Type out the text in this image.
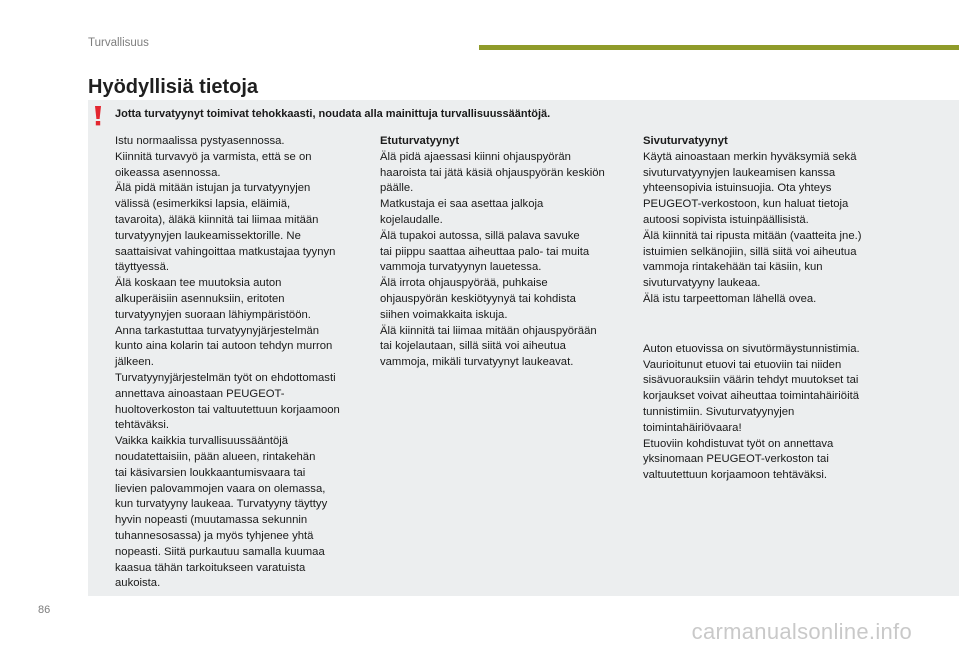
Turvallisuus
Hyödyllisiä tietoja
Jotta turvatyynyt toimivat tehokkaasti, noudata alla mainittuja turvallisuussääntöjä.

Istu normaalissa pystyasennossa.

Kiinnitä turvavyö ja varmista, että se on

oikeassa asennossa.

Älä pidä mitään istujan ja turvatyynyjen

välissä (esimerkiksi lapsia, eläimiä,

tavaroita), äläkä kiinnitä tai liimaa mitään

turvatyynyjen laukeamissektorille. Ne

saattaisivat vahingoittaa matkustajaa tyynyn

täyttyessä.

Älä koskaan tee muutoksia auton

alkuperäisiin asennuksiin, eritoten

turvatyynyjen suoraan lähiympäristöön.

Anna tarkastuttaa turvatyynyjärjestelmän

kunto aina kolarin tai autoon tehdyn murron

jälkeen.

Turvatyynyjärjestelmän työt on ehdottomasti

annettava ainoastaan PEUGEOT-

huoltoverkoston tai valtuutettuun korjaamoon

tehtäväksi.

Vaikka kaikkia turvallisuussääntöjä

noudatettaisiin, pään alueen, rintakehän

tai käsivarsien loukkaantumisvaara tai

lievien palovammojen vaara on olemassa,

kun turvatyyny laukeaa. Turvatyyny täyttyy

hyvin nopeasti (muutamassa sekunnin

tuhannesosassa) ja myös tyhjenee yhtä

nopeasti. Siitä purkautuu samalla kuumaa

kaasua tähän tarkoitukseen varatuista

aukoista.

Etuturvatyynyt

Älä pidä ajaessasi kiinni ohjauspyörän

haaroista tai jätä käsiä ohjauspyörän keskiön

päälle.

Matkustaja ei saa asettaa jalkoja

kojelaudalle.

Älä tupakoi autossa, sillä palava savuke

tai piippu saattaa aiheuttaa palo- tai muita

vammoja turvatyynyn lauetessa.

Älä irrota ohjauspyörää, puhkaise

ohjauspyörän keskiötyynyä tai kohdista

siihen voimakkaita iskuja.

Älä kiinnitä tai liimaa mitään ohjauspyörään

tai kojelautaan, sillä siitä voi aiheutua

vammoja, mikäli turvatyynyt laukeavat.

Sivuturvatyynyt

Käytä ainoastaan merkin hyväksymiä sekä

sivuturvatyynyjen laukeamisen kanssa

yhteensopivia istuinsuojia. Ota yhteys

PEUGEOT-verkostoon, kun haluat tietoja

autoosi sopivista istuinpäällisistä.

Älä kiinnitä tai ripusta mitään (vaatteita jne.)

istuimien selkänojiin, sillä siitä voi aiheutua

vammoja rintakehään tai käsiin, kun

sivuturvatyyny laukeaa.

Älä istu tarpeettoman lähellä ovea.

Auton etuovissa on sivutörmäystunnistimia.

Vaurioitunut etuovi tai etuoviin tai niiden

sisävuorauksiin väärin tehdyt muutokset tai

korjaukset voivat aiheuttaa toimintahäiriöitä

tunnistimiin. Sivuturvatyynyjen

toimintahäiriövaara!

Etuoviin kohdistuvat työt on annettava

yksinomaan PEUGEOT-verkoston tai

valtuutettuun korjaamoon tehtäväksi.

86
carmanualsonline.info
